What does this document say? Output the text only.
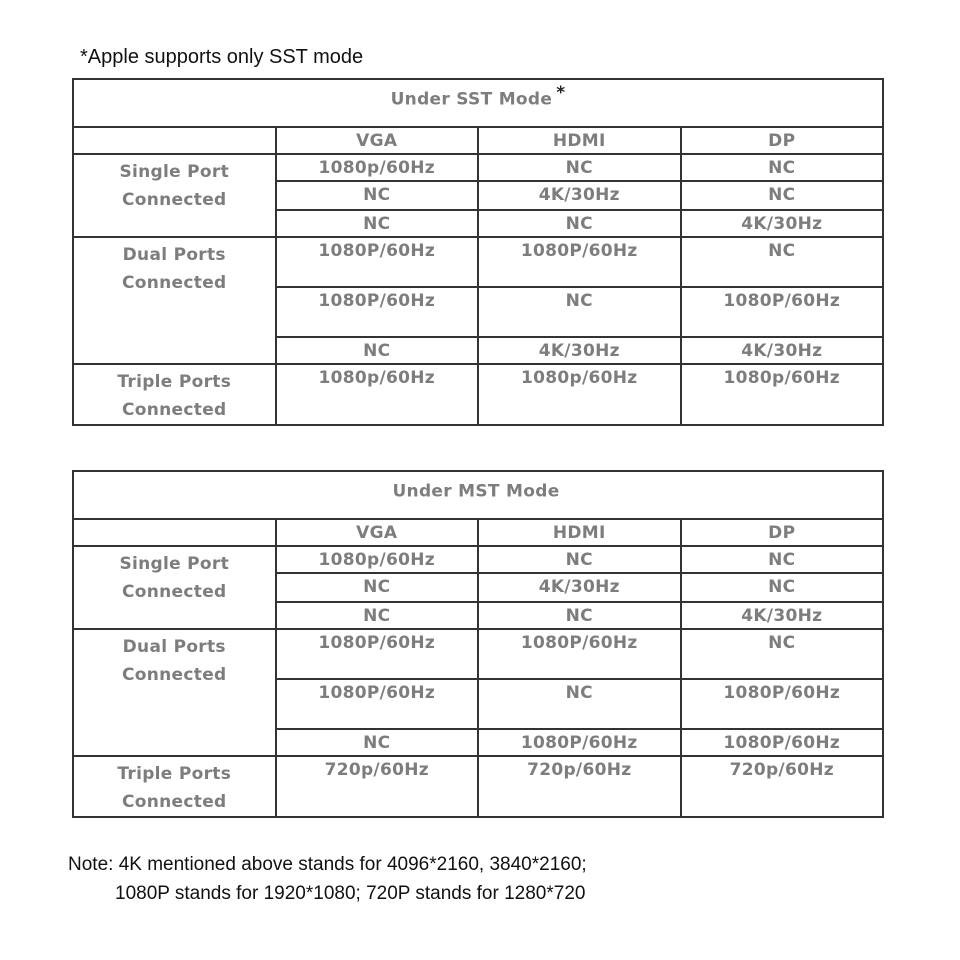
*Apple supports only SST mode
Under SST Mode *
	VGA	HDMI	DP

Single Port
Connected	1080p/60Hz	NC	NC
	NC	4K/30Hz	NC
	NC	NC	4K/30Hz

Dual Ports
Connected	1080P/60Hz	1080P/60Hz	NC
	1080P/60Hz	NC	1080P/60Hz
	NC	4K/30Hz	4K/30Hz

Triple Ports
Connected	1080p/60Hz	1080p/60Hz	1080p/60Hz
Under MST Mode			
	VGA	HDMI	DP

Single Port
Connected	1080p/60Hz	NC	NC
	NC	4K/30Hz	NC
	NC	NC	4K/30Hz

Dual Ports
Connected	1080P/60Hz	1080P/60Hz	NC
	1080P/60Hz	NC	1080P/60Hz
	NC	1080P/60Hz	1080P/60Hz

Triple Ports
Connected	720p/60Hz	720p/60Hz	720p/60Hz
Note: 4K mentioned above stands for 4096*2160, 3840*2160;
1080P stands for 1920*1080; 720P stands for 1280*720
